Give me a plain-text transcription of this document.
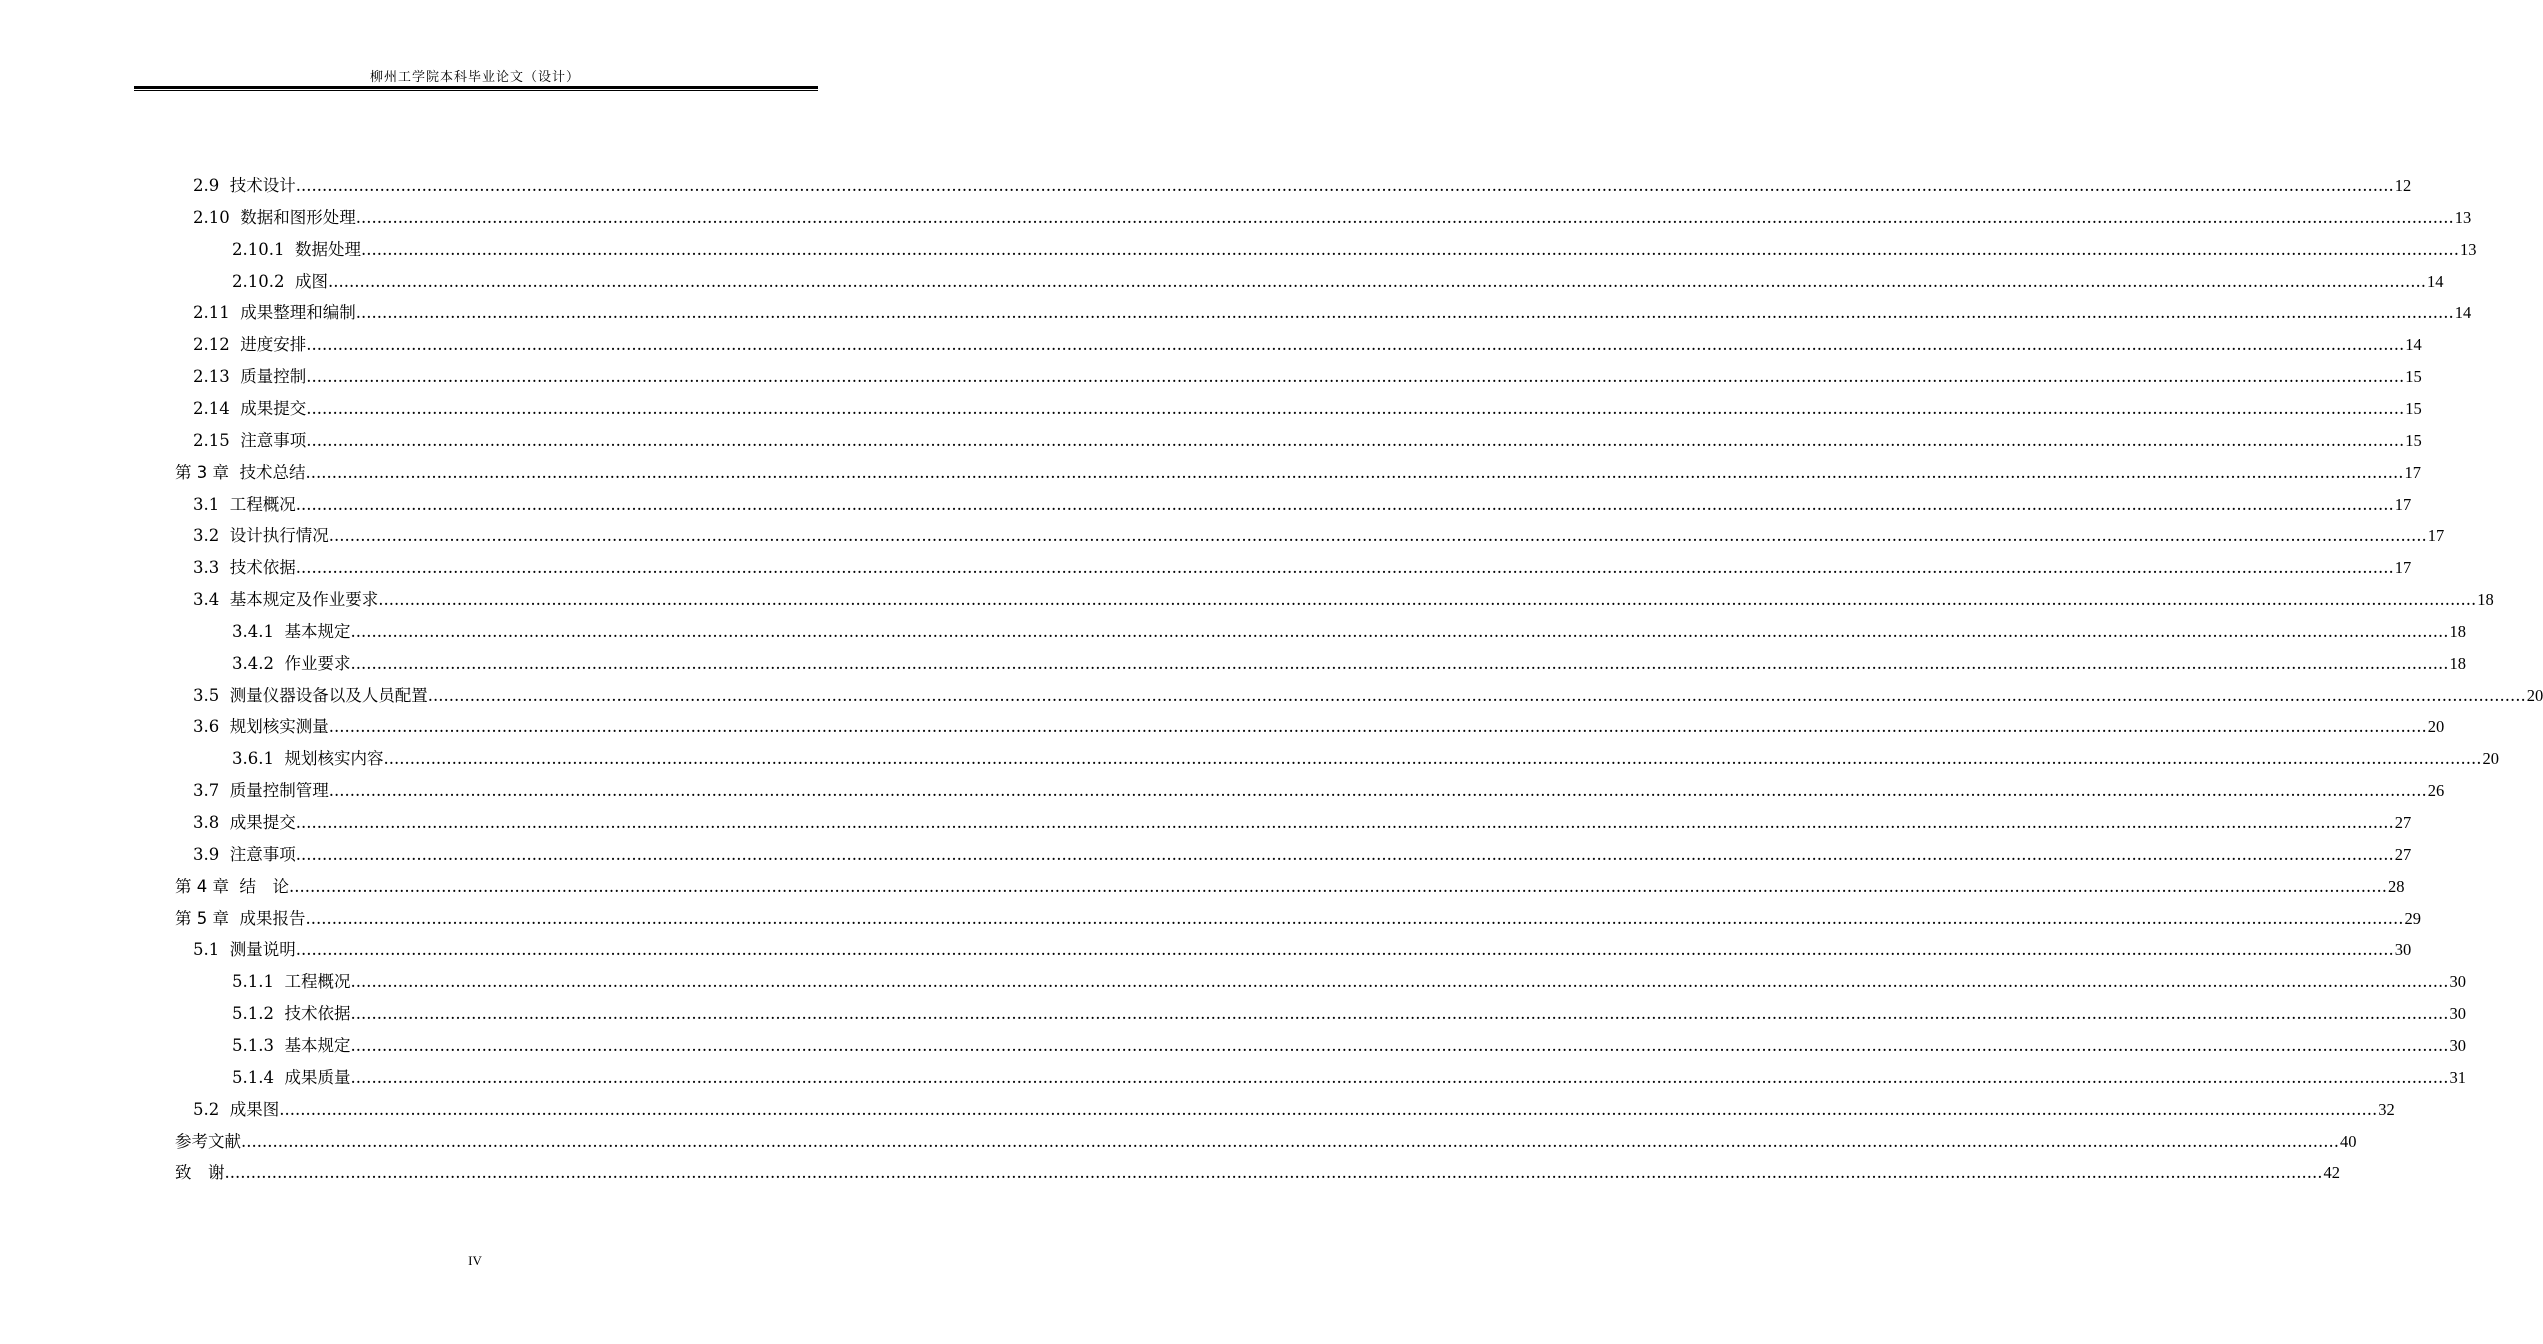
柳州工学院本科毕业论文（设计）
2.9  技术设计 ................................................................................................................................................................................................................................................................................................................................................................................................................ 12
2.10  数据和图形处理 ................................................................................................................................................................................................................................................................................................................................................................................................................ 13
2.10.1  数据处理 ................................................................................................................................................................................................................................................................................................................................................................................................................ 13
2.10.2  成图 ................................................................................................................................................................................................................................................................................................................................................................................................................ 14
2.11  成果整理和编制 ................................................................................................................................................................................................................................................................................................................................................................................................................ 14
2.12  进度安排 ................................................................................................................................................................................................................................................................................................................................................................................................................ 14
2.13  质量控制 ................................................................................................................................................................................................................................................................................................................................................................................................................ 15
2.14  成果提交 ................................................................................................................................................................................................................................................................................................................................................................................................................ 15
2.15  注意事项 ................................................................................................................................................................................................................................................................................................................................................................................................................ 15
第 3 章  技术总结 ................................................................................................................................................................................................................................................................................................................................................................................................................ 17
3.1  工程概况 ................................................................................................................................................................................................................................................................................................................................................................................................................ 17
3.2  设计执行情况 ................................................................................................................................................................................................................................................................................................................................................................................................................ 17
3.3  技术依据 ................................................................................................................................................................................................................................................................................................................................................................................................................ 17
3.4  基本规定及作业要求 ................................................................................................................................................................................................................................................................................................................................................................................................................ 18
3.4.1  基本规定 ................................................................................................................................................................................................................................................................................................................................................................................................................ 18
3.4.2  作业要求 ................................................................................................................................................................................................................................................................................................................................................................................................................ 18
3.5  测量仪器设备以及人员配置 ................................................................................................................................................................................................................................................................................................................................................................................................................ 20
3.6  规划核实测量 ................................................................................................................................................................................................................................................................................................................................................................................................................ 20
3.6.1  规划核实内容 ................................................................................................................................................................................................................................................................................................................................................................................................................ 20
3.7  质量控制管理 ................................................................................................................................................................................................................................................................................................................................................................................................................ 26
3.8  成果提交 ................................................................................................................................................................................................................................................................................................................................................................................................................ 27
3.9  注意事项 ................................................................................................................................................................................................................................................................................................................................................................................................................ 27
第 4 章  结　论 ................................................................................................................................................................................................................................................................................................................................................................................................................ 28
第 5 章  成果报告 ................................................................................................................................................................................................................................................................................................................................................................................................................ 29
5.1  测量说明 ................................................................................................................................................................................................................................................................................................................................................................................................................ 30
5.1.1  工程概况 ................................................................................................................................................................................................................................................................................................................................................................................................................ 30
5.1.2  技术依据 ................................................................................................................................................................................................................................................................................................................................................................................................................ 30
5.1.3  基本规定 ................................................................................................................................................................................................................................................................................................................................................................................................................ 30
5.1.4  成果质量 ................................................................................................................................................................................................................................................................................................................................................................................................................ 31
5.2  成果图 ................................................................................................................................................................................................................................................................................................................................................................................................................ 32
参考文献 ................................................................................................................................................................................................................................................................................................................................................................................................................ 40
致　谢 ................................................................................................................................................................................................................................................................................................................................................................................................................ 42
IV
